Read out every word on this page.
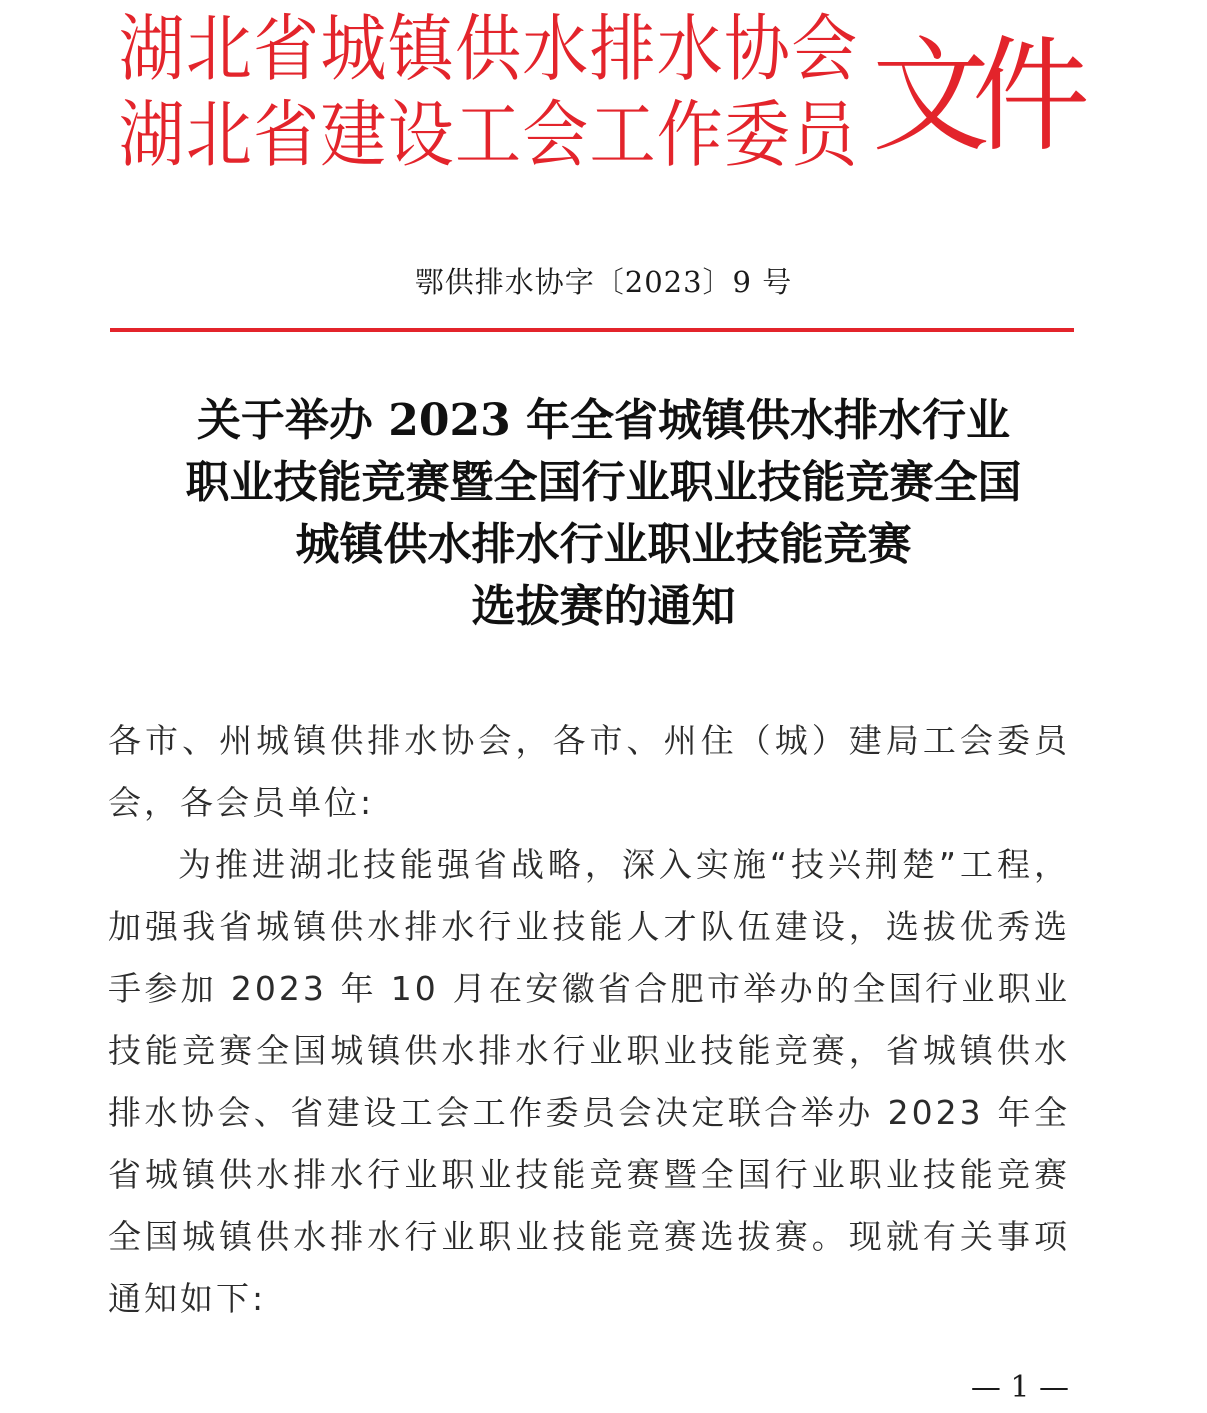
湖 北 省 城 镇 供 水 排 水 协 会
湖 北 省 建 设 工 会 工 作 委 员 文
件
鄂供排水协字〔2023〕9 号
关于举办 2023 年全省城镇供水排水行业
职业技能竞赛暨全国行业职业技能竞赛全国
城镇供水排水行业职业技能竞赛
选拔赛的通知

各市、州城镇供排水协会，各市、州住（城）建局工会委员会，各会员单位:

为推进湖北技能强省战略，深入实施“技兴荆楚”工程，加强我省城镇供水排水行业技能人才队伍建设，选拔优秀选手参加 2023 年 10 月在安徽省合肥市举办的全国行业职业技能竞赛全国城镇供水排水行业职业技能竞赛，省城镇供水排水协会、省建设工会工作委员会决定联合举办 2023 年全省城镇供水排水行业职业技能竞赛暨全国行业职业技能竞赛全国城镇供水排水行业职业技能竞赛选拔赛。现就有关事项通知如下:

— 1 —
